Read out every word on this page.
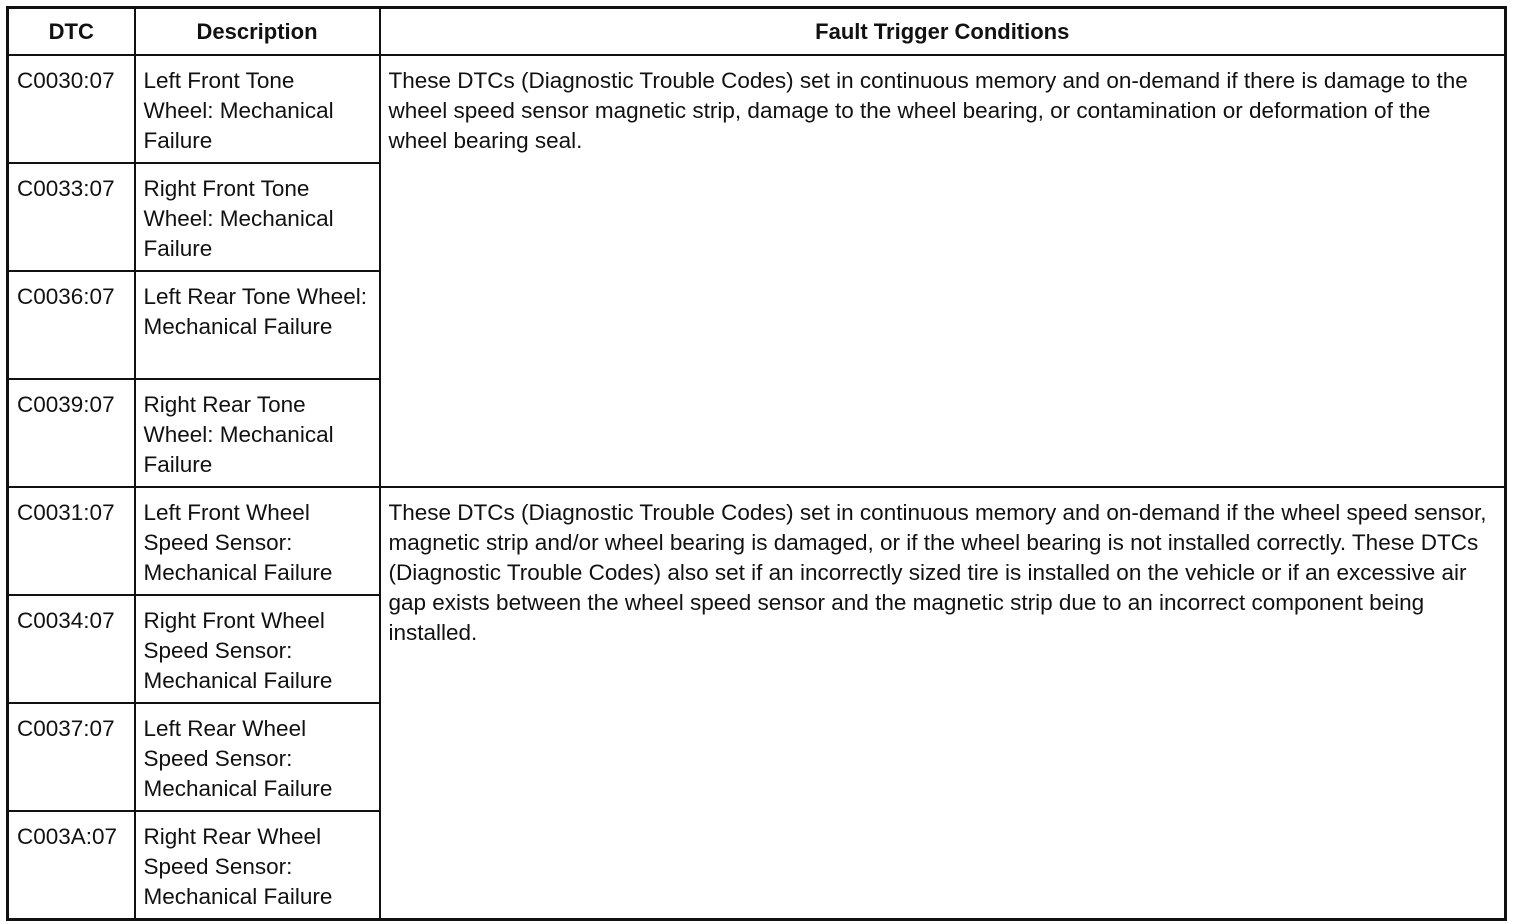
DTC	Description	Fault Trigger Conditions
C0030:07	Left Front Tone Wheel: Mechanical Failure	These DTCs (Diagnostic Trouble Codes) set in continuous memory and on-demand if there is damage to the wheel speed sensor magnetic strip, damage to the wheel bearing, or contamination or deformation of the wheel bearing seal.
C0033:07	Right Front Tone Wheel: Mechanical Failure	
C0036:07	Left Rear Tone Wheel: Mechanical Failure	
C0039:07	Right Rear Tone Wheel: Mechanical Failure	
C0031:07	Left Front Wheel Speed Sensor: Mechanical Failure	These DTCs (Diagnostic Trouble Codes) set in continuous memory and on-demand if the wheel speed sensor, magnetic strip and/or wheel bearing is damaged, or if the wheel bearing is not installed correctly. These DTCs (Diagnostic Trouble Codes) also set if an incorrectly sized tire is installed on the vehicle or if an excessive air gap exists between the wheel speed sensor and the magnetic strip due to an incorrect component being installed.
C0034:07	Right Front Wheel Speed Sensor: Mechanical Failure	
C0037:07	Left Rear Wheel Speed Sensor: Mechanical Failure	
C003A:07	Right Rear Wheel Speed Sensor: Mechanical Failure	
